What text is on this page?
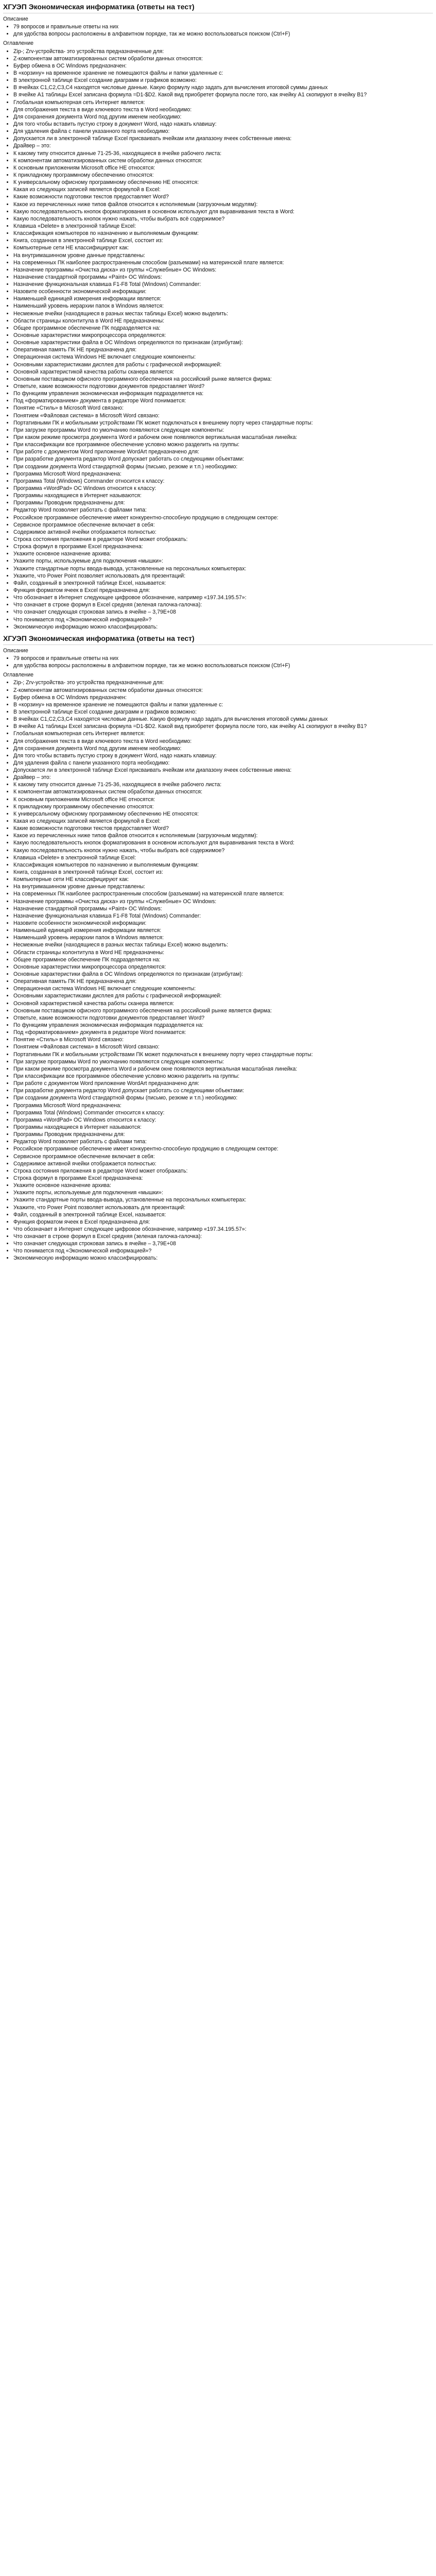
ХГУЭП Экономическая информатика (ответы на тест)
Описание
• 79 вопросов и правильные ответы на них
• для удобства вопросы расположены в алфавитном порядке, так же можно воспользоваться поиском (Ctrl+F)
Оглавление
• Zip-; Zrv-устройства- это устройства предназначенные для:
• Z-компонентам автоматизированных систем обработки данных относятся:
• Буфер обмена в ОС Windows предназначен:
• В «корзину» на временное хранение не помещаются файлы и папки удаленные с:
• В электронной таблице Excel создание диаграмм и графиков возможно:
• В ячейках C1,C2,C3,C4 находятся числовые данные. Какую формулу надо задать для вычисления итоговой суммы данных
• В ячейке А1 таблицы Excel записана формула =D1-$D2. Какой вид приобретет формула после того, как ячейку А1 скопируют в ячейку В1?
• Глобальная компьютерная сеть Интернет является:
• Для отображения текста в виде ключевого текста в Word необходимо:
• Для сохранения документа Word под другим именем необходимо:
• Для того чтобы вставить пустую строку в документ Word, надо нажать клавишу:
• Для удаления файла с панели указанного порта необходимо:
• Допускается ли в электронной таблице Excel присваивать ячейкам или диапазону ячеек собственные имена:
• Драйвер – это:
• К какому типу относится данные 71-25-36, находящиеся в ячейке рабочего листа:
• К компонентам автоматизированных систем обработки данных относятся:
• К основным приложениям Microsoft office НЕ относятся:
• К прикладному программному обеспечению относятся:
• К универсальному офисному программному обеспечению НЕ относятся:
• Какая из следующих записей является формулой в Excel:
• Какие возможности подготовки текстов предоставляет Word?
• Какое из перечисленных ниже типов файлов относится к исполняемым (загрузочным модулям):
• Какую последовательность кнопок форматирования в основном используют для выравнивания текста в Word:
• Какую последовательность кнопок нужно нажать, чтобы выбрать всё содержимое?
• Клавиша «Delete» в электронной таблице Excel:
• Классификация компьютеров по назначению и выполняемым функциям:
• Книга, созданная в электронной таблице Excel, состоит из:
• Компьютерные сети НЕ классифицируют как:
• На внутримашинном уровне данные представлены:
• На современных ПК наиболее распространенным способом (разъемами) на материнской плате является:
• Назначение программы «Очистка диска» из группы «Служебные» ОС Windows:
• Назначение стандартной программы «Paint» ОС Windows:
• Назначение функциональная клавиша F1-F8 Total (Windows) Commander:
• Назовите особенности экономической информации:
• Наименьшей единицей измерения информации является:
• Наименьший уровень иерархии папок в Windows является:
• Несмежные ячейки (находящиеся в разных местах таблицы Excel) можно выделить:
• Области страницы колонтитула в Word НЕ предназначены:
• Общее программное обеспечение ПК подразделяется на:
• Основные характеристики микропроцессора определяются:
• Основные характеристики файла в ОС Windows определяются по признакам (атрибутам):
• Оперативная память ПК НЕ предназначена для:
• Операционная система Windows НЕ включает следующие компоненты:
• Основными характеристиками дисплея для работы с графической информацией:
• Основной характеристикой качества работы сканера является:
• Основным поставщиком офисного программного обеспечения на российский рынке является фирма:
• Ответьте, какие возможности подготовки документов предоставляет Word?
• По функциям управления экономическая информация подразделяется на:
• Под «форматированием» документа в редакторе Word понимается:
• Понятие «Стиль» в Microsoft Word связано:
• Понятием «Файловая система» в Microsoft Word связано:
• Портативными ПК и мобильными устройствами ПК может подключаться к внешнему порту через стандартные порты:
• При загрузке программы Word по умолчанию появляются следующие компоненты:
• При каком режиме просмотра документа Word и рабочем окне появляются вертикальная масштабная линейка:
• При классификации все программное обеспечение условно можно разделить на группы:
• При работе с документом Word приложение WordArt предназначено для:
• При разработке документа редактор Word допускает работать со следующими объектами:
• При создании документа Word стандартной формы (письмо, резюме и т.п.) необходимо:
• Программа Microsoft Word предназначена:
• Программа Total (Windows) Commander относится к классу:
• Программа «WordPad» ОС Windows относится к классу:
• Программы находящиеся в Интернет называются:
• Программы Проводник предназначены для:
• Редактор Word позволяет работать с файлами типа:
• Российское программное обеспечение имеет конкурентно-способную продукцию в следующем секторе:
• Сервисное программное обеспечение включает в себя:
• Содержимое активной ячейки отображается полностью:
• Строка состояния приложения в редакторе Word может отображать:
• Строка формул в программе Excel предназначена:
• Укажите основное назначение архива:
• Укажите порты, используемые для подключения «мышки»:
• Укажите стандартные порты ввода-вывода, установленные на персональных компьютерах:
• Укажите, что Power Point позволяет использовать для презентаций:
• Файл, созданный в электронной таблице Excel, называется:
• Функция форматом ячеек в Excel предназначена для:
• Что обозначает в Интернет следующее цифровое обозначение, например «197.34.195.57»:
• Что означает в строке формул в Excel средняя (зеленая галочка-галочка):
• Что означает следующая строковая запись в ячейке – 3,79Е+08
• Что понимается под «Экономической информацией»?
• Экономическую информацию можно классифицировать:
ХГУЭП Экономическая информатика (ответы на тест)
Описание
• 79 вопросов и правильные ответы на них
• для удобства вопросы расположены в алфавитном порядке, так же можно воспользоваться поиском (Ctrl+F)
Оглавление
• Zip-; Zrv-устройства- это устройства предназначенные для:
• Z-компонентам автоматизированных систем обработки данных относятся:
• Буфер обмена в ОС Windows предназначен:
• В «корзину» на временное хранение не помещаются файлы и папки удаленные с:
• В электронной таблице Excel создание диаграмм и графиков возможно:
• В ячейках C1,C2,C3,C4 находятся числовые данные. Какую формулу надо задать для вычисления итоговой суммы данных
• В ячейке А1 таблицы Excel записана формула =D1-$D2. Какой вид приобретет формула после того, как ячейку А1 скопируют в ячейку В1?
• Глобальная компьютерная сеть Интернет является:
• Для отображения текста в виде ключевого текста в Word необходимо:
• Для сохранения документа Word под другим именем необходимо:
• Для того чтобы вставить пустую строку в документ Word, надо нажать клавишу:
• Для удаления файла с панели указанного порта необходимо:
• Допускается ли в электронной таблице Excel присваивать ячейкам или диапазону ячеек собственные имена:
• Драйвер – это:
• К какому типу относится данные 71-25-36, находящиеся в ячейке рабочего листа:
• К компонентам автоматизированных систем обработки данных относятся:
• К основным приложениям Microsoft office НЕ относятся:
• К прикладному программному обеспечению относятся:
• К универсальному офисному программному обеспечению НЕ относятся:
• Какая из следующих записей является формулой в Excel:
• Какие возможности подготовки текстов предоставляет Word?
• Какое из перечисленных ниже типов файлов относится к исполняемым (загрузочным модулям):
• Какую последовательность кнопок форматирования в основном используют для выравнивания текста в Word:
• Какую последовательность кнопок нужно нажать, чтобы выбрать всё содержимое?
• Клавиша «Delete» в электронной таблице Excel:
• Классификация компьютеров по назначению и выполняемым функциям:
• Книга, созданная в электронной таблице Excel, состоит из:
• Компьютерные сети НЕ классифицируют как:
• На внутримашинном уровне данные представлены:
• На современных ПК наиболее распространенным способом (разъемами) на материнской плате является:
• Назначение программы «Очистка диска» из группы «Служебные» ОС Windows:
• Назначение стандартной программы «Paint» ОС Windows:
• Назначение функциональная клавиша F1-F8 Total (Windows) Commander:
• Назовите особенности экономической информации:
• Наименьшей единицей измерения информации является:
• Наименьший уровень иерархии папок в Windows является:
• Несмежные ячейки (находящиеся в разных местах таблицы Excel) можно выделить:
• Области страницы колонтитула в Word НЕ предназначены:
• Общее программное обеспечение ПК подразделяется на:
• Основные характеристики микропроцессора определяются:
• Основные характеристики файла в ОС Windows определяются по признакам (атрибутам):
• Оперативная память ПК НЕ предназначена для:
• Операционная система Windows НЕ включает следующие компоненты:
• Основными характеристиками дисплея для работы с графической информацией:
• Основной характеристикой качества работы сканера является:
• Основным поставщиком офисного программного обеспечения на российский рынке является фирма:
• Ответьте, какие возможности подготовки документов предоставляет Word?
• По функциям управления экономическая информация подразделяется на:
• Под «форматированием» документа в редакторе Word понимается:
• Понятие «Стиль» в Microsoft Word связано:
• Понятием «Файловая система» в Microsoft Word связано:
• Портативными ПК и мобильными устройствами ПК может подключаться к внешнему порту через стандартные порты:
• При загрузке программы Word по умолчанию появляются следующие компоненты:
• При каком режиме просмотра документа Word и рабочем окне появляются вертикальная масштабная линейка:
• При классификации все программное обеспечение условно можно разделить на группы:
• При работе с документом Word приложение WordArt предназначено для:
• При разработке документа редактор Word допускает работать со следующими объектами:
• При создании документа Word стандартной формы (письмо, резюме и т.п.) необходимо:
• Программа Microsoft Word предназначена:
• Программа Total (Windows) Commander относится к классу:
• Программа «WordPad» ОС Windows относится к классу:
• Программы находящиеся в Интернет называются:
• Программы Проводник предназначены для:
• Редактор Word позволяет работать с файлами типа:
• Российское программное обеспечение имеет конкурентно-способную продукцию в следующем секторе:
• Сервисное программное обеспечение включает в себя:
• Содержимое активной ячейки отображается полностью:
• Строка состояния приложения в редакторе Word может отображать:
• Строка формул в программе Excel предназначена:
• Укажите основное назначение архива:
• Укажите порты, используемые для подключения «мышки»:
• Укажите стандартные порты ввода-вывода, установленные на персональных компьютерах:
• Укажите, что Power Point позволяет использовать для презентаций:
• Файл, созданный в электронной таблице Excel, называется:
• Функция форматом ячеек в Excel предназначена для:
• Что обозначает в Интернет следующее цифровое обозначение, например «197.34.195.57»:
• Что означает в строке формул в Excel средняя (зеленая галочка-галочка):
• Что означает следующая строковая запись в ячейке – 3,79Е+08
• Что понимается под «Экономической информацией»?
• Экономическую информацию можно классифицировать:
